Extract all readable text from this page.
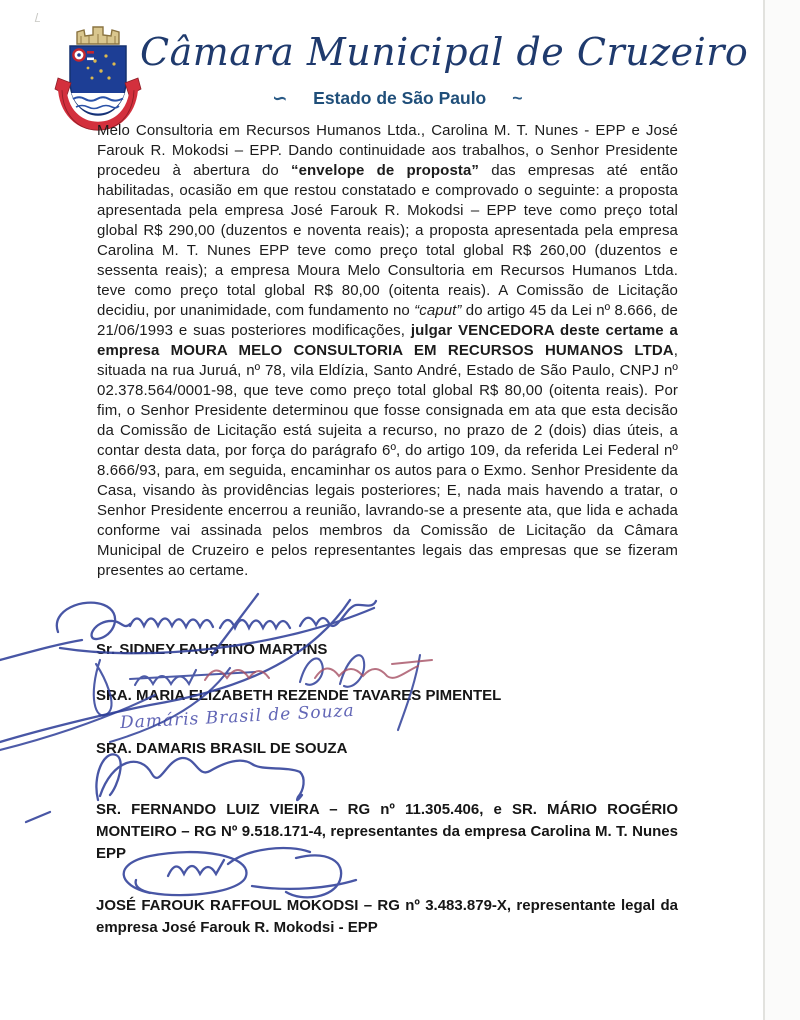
Câmara Municipal de Cruzeiro
∽ Estado de São Paulo ~
Melo Consultoria em Recursos Humanos Ltda., Carolina M. T. Nunes - EPP e José Farouk R. Mokodsi – EPP. Dando continuidade aos trabalhos, o Senhor Presidente procedeu à abertura do “envelope de proposta” das empresas até então habilitadas, ocasião em que restou constatado e comprovado o seguinte: a proposta apresentada pela empresa José Farouk R. Mokodsi – EPP teve como preço total global R$ 290,00 (duzentos e noventa reais); a proposta apresentada pela empresa Carolina M. T. Nunes EPP teve como preço total global R$ 260,00 (duzentos e sessenta reais); a empresa Moura Melo Consultoria em Recursos Humanos Ltda. teve como preço total global R$ 80,00 (oitenta reais). A Comissão de Licitação decidiu, por unanimidade, com fundamento no “caput” do artigo 45 da Lei nº 8.666, de 21/06/1993 e suas posteriores modificações, julgar VENCEDORA deste certame a empresa MOURA MELO CONSULTORIA EM RECURSOS HUMANOS LTDA, situada na rua Juruá, nº 78, vila Eldízia, Santo André, Estado de São Paulo, CNPJ nº 02.378.564/0001-98, que teve como preço total global R$ 80,00 (oitenta reais). Por fim, o Senhor Presidente determinou que fosse consignada em ata que esta decisão da Comissão de Licitação está sujeita a recurso, no prazo de 2 (dois) dias úteis, a contar desta data, por força do parágrafo 6º, do artigo 109, da referida Lei Federal nº 8.666/93, para, em seguida, encaminhar os autos para o Exmo. Senhor Presidente da Casa, visando às providências legais posteriores; E, nada mais havendo a tratar, o Senhor Presidente encerrou a reunião, lavrando-se a presente ata, que lida e achada conforme vai assinada pelos membros da Comissão de Licitação da Câmara Municipal de Cruzeiro e pelos representantes legais das empresas que se fizeram presentes ao certame.
Sr. SIDNEY FAUSTINO MARTINS
SRA. MARIA ELIZABETH REZENDE TAVARES PIMENTEL
Damáris Brasil de Souza
SRA. DAMARIS BRASIL DE SOUZA
SR. FERNANDO LUIZ VIEIRA – RG nº 11.305.406, e SR. MÁRIO ROGÉRIO MONTEIRO – RG Nº 9.518.171-4, representantes da empresa Carolina M. T. Nunes EPP
JOSÉ FAROUK RAFFOUL MOKODSI – RG nº 3.483.879-X, representante legal da empresa José Farouk R. Mokodsi - EPP
